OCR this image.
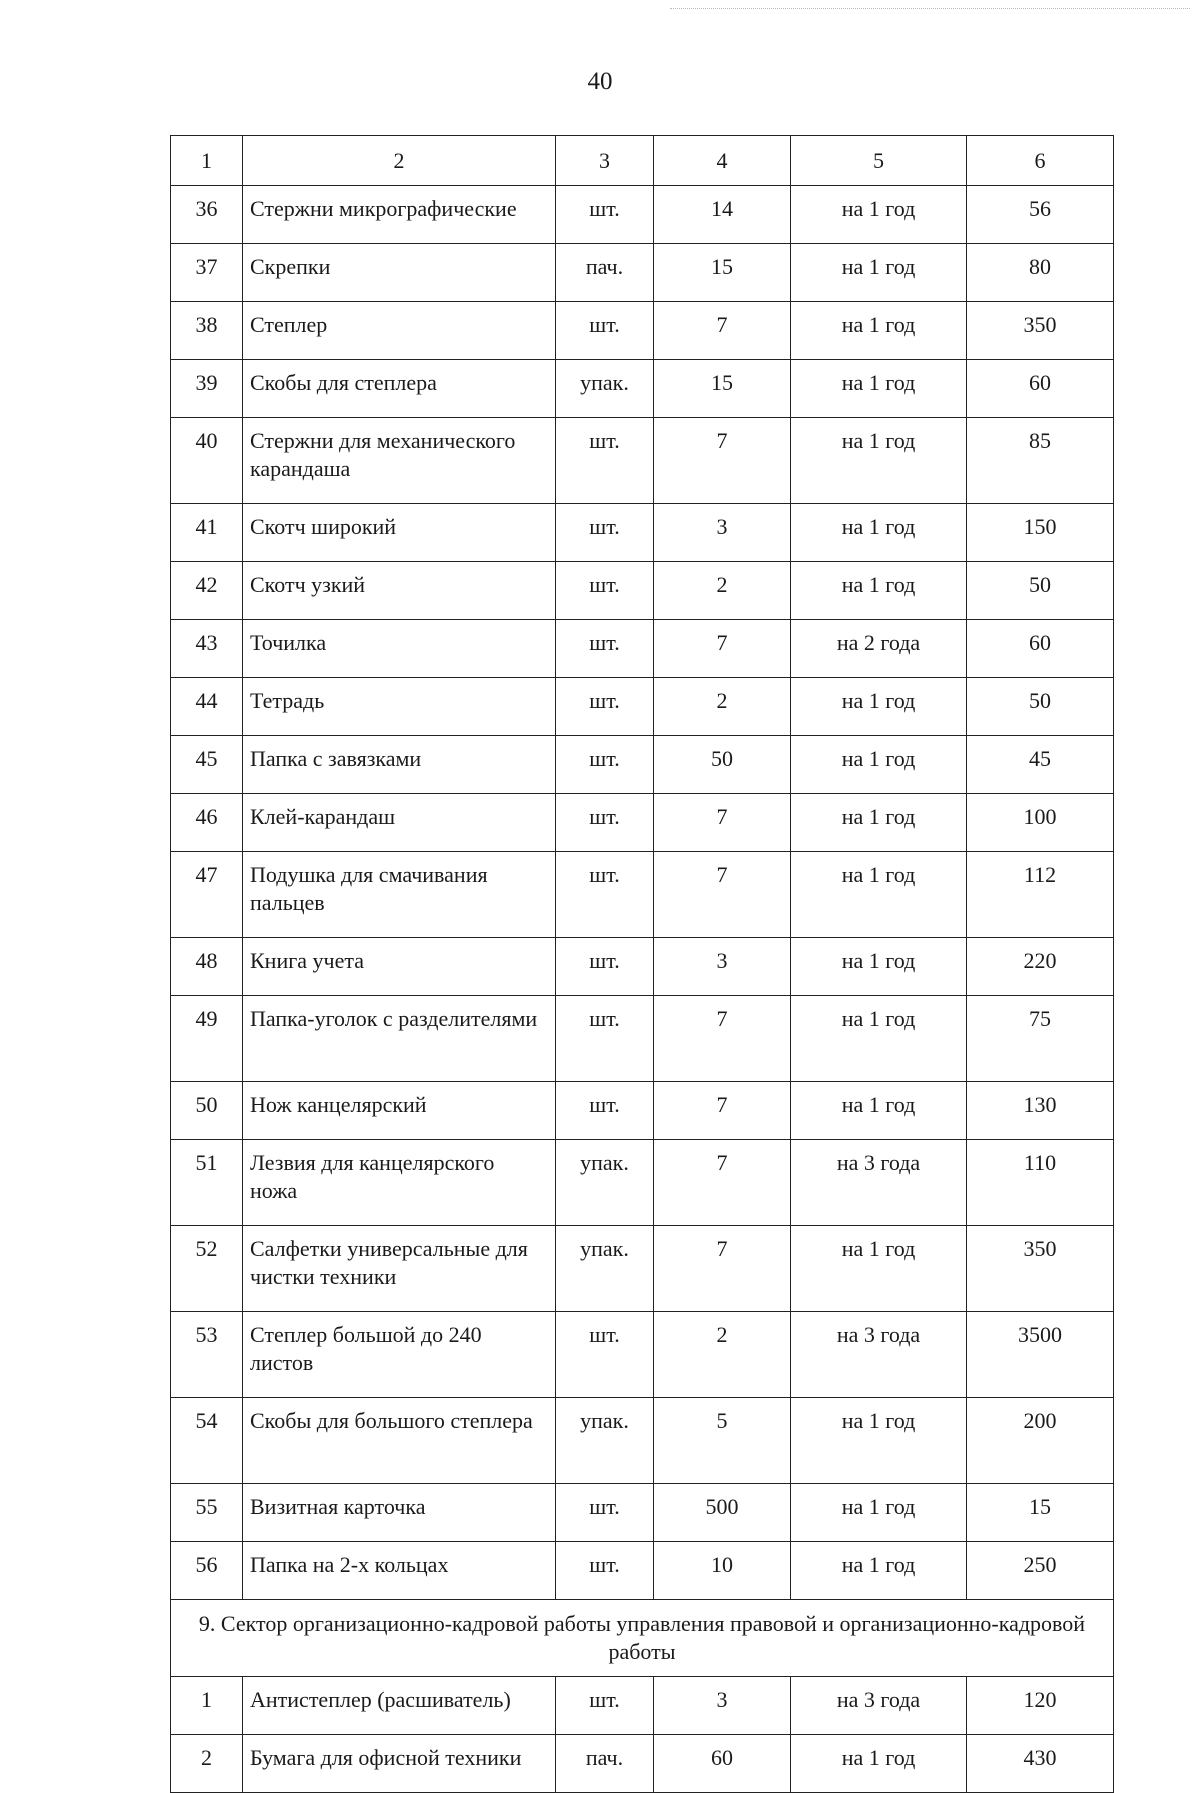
40
1	2	3	4	5	6
36	Стержни микрографические	шт.	14	на 1 год	56
37	Скрепки	пач.	15	на 1 год	80
38	Степлер	шт.	7	на 1 год	350
39	Скобы для степлера	упак.	15	на 1 год	60
40	Стержни для механического карандаша	шт.	7	на 1 год	85
41	Скотч широкий	шт.	3	на 1 год	150
42	Скотч узкий	шт.	2	на 1 год	50
43	Точилка	шт.	7	на 2 года	60
44	Тетрадь	шт.	2	на 1 год	50
45	Папка с завязками	шт.	50	на 1 год	45
46	Клей-карандаш	шт.	7	на 1 год	100
47	Подушка для смачивания пальцев	шт.	7	на 1 год	112
48	Книга учета	шт.	3	на 1 год	220
49	Папка-уголок с разделителями	шт.	7	на 1 год	75
50	Нож канцелярский	шт.	7	на 1 год	130
51	Лезвия для канцелярского ножа	упак.	7	на 3 года	110
52	Салфетки универсальные для чистки техники	упак.	7	на 1 год	350
53	Степлер большой до 240 листов	шт.	2	на 3 года	3500
54	Скобы для большого степлера	упак.	5	на 1 год	200
55	Визитная карточка	шт.	500	на 1 год	15
56	Папка на 2-х кольцах	шт.	10	на 1 год	250
9. Сектор организационно-кадровой работы управления правовой и организационно-кадровой работы					
1	Антистеплер (расшиватель)	шт.	3	на 3 года	120
2	Бумага для офисной техники	пач.	60	на 1 год	430
